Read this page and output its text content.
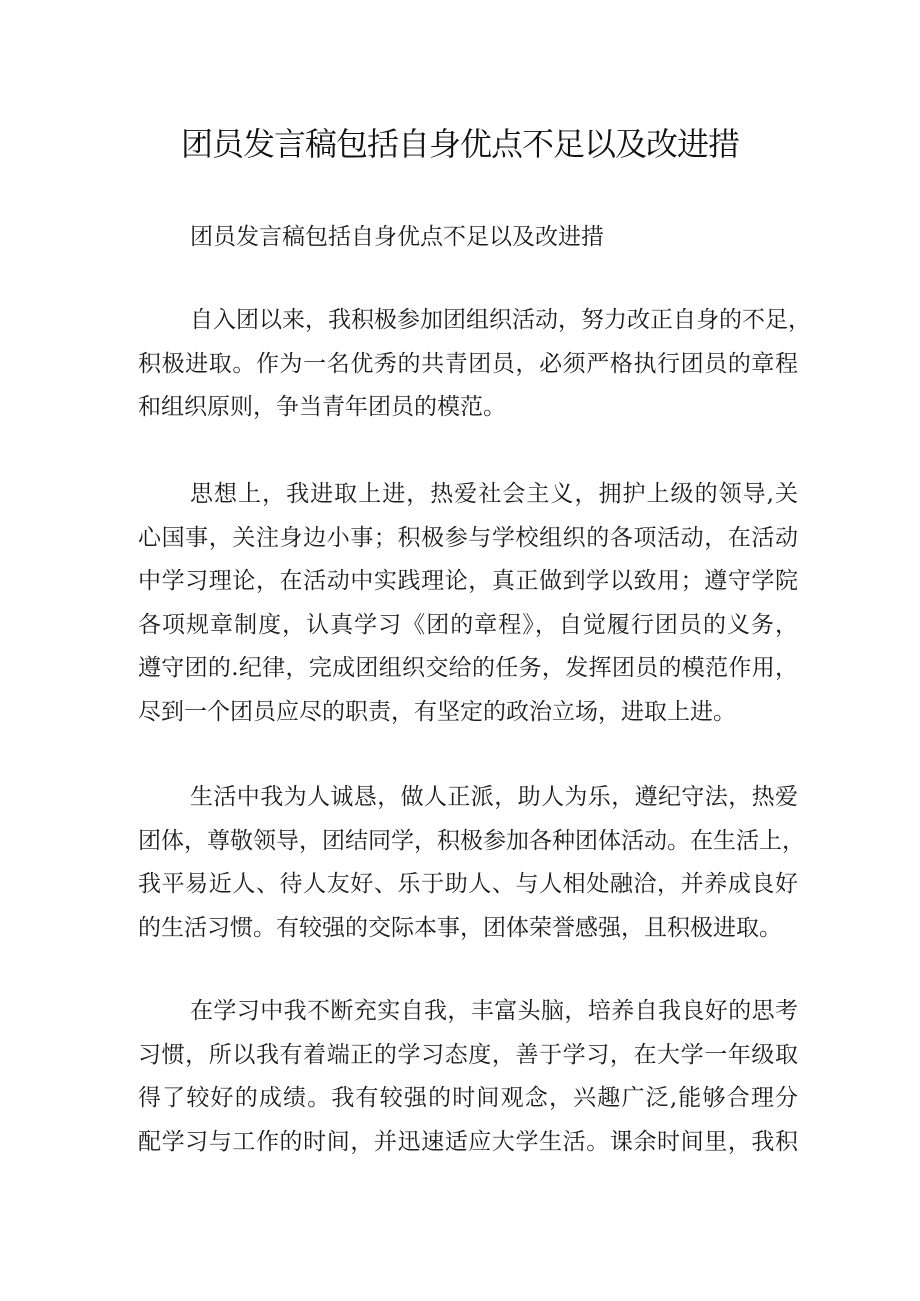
团员发言稿包括自身优点不足以及改进措

团员发言稿包括自身优点不足以及改进措

自入团以来，我积极参加团组织活动，努力改正自身的不足，
积极进取。作为一名优秀的共青团员，必须严格执行团员的章程
和组织原则，争当青年团员的模范。

思想上，我进取上进，热爱社会主义，拥护上级的领导,关
心国事，关注身边小事；积极参与学校组织的各项活动，在活动
中学习理论，在活动中实践理论，真正做到学以致用；遵守学院
各项规章制度，认真学习《团的章程》，自觉履行团员的义务，
遵守团的.纪律，完成团组织交给的任务，发挥团员的模范作用，
尽到一个团员应尽的职责，有坚定的政治立场，进取上进。

生活中我为人诚恳，做人正派，助人为乐，遵纪守法，热爱
团体，尊敬领导，团结同学，积极参加各种团体活动。在生活上，
我平易近人、待人友好、乐于助人、与人相处融洽，并养成良好
的生活习惯。有较强的交际本事，团体荣誉感强，且积极进取。

在学习中我不断充实自我，丰富头脑，培养自我良好的思考
习惯，所以我有着端正的学习态度，善于学习，在大学一年级取
得了较好的成绩。我有较强的时间观念，兴趣广泛,能够合理分
配学习与工作的时间，并迅速适应大学生活。课余时间里，我积
